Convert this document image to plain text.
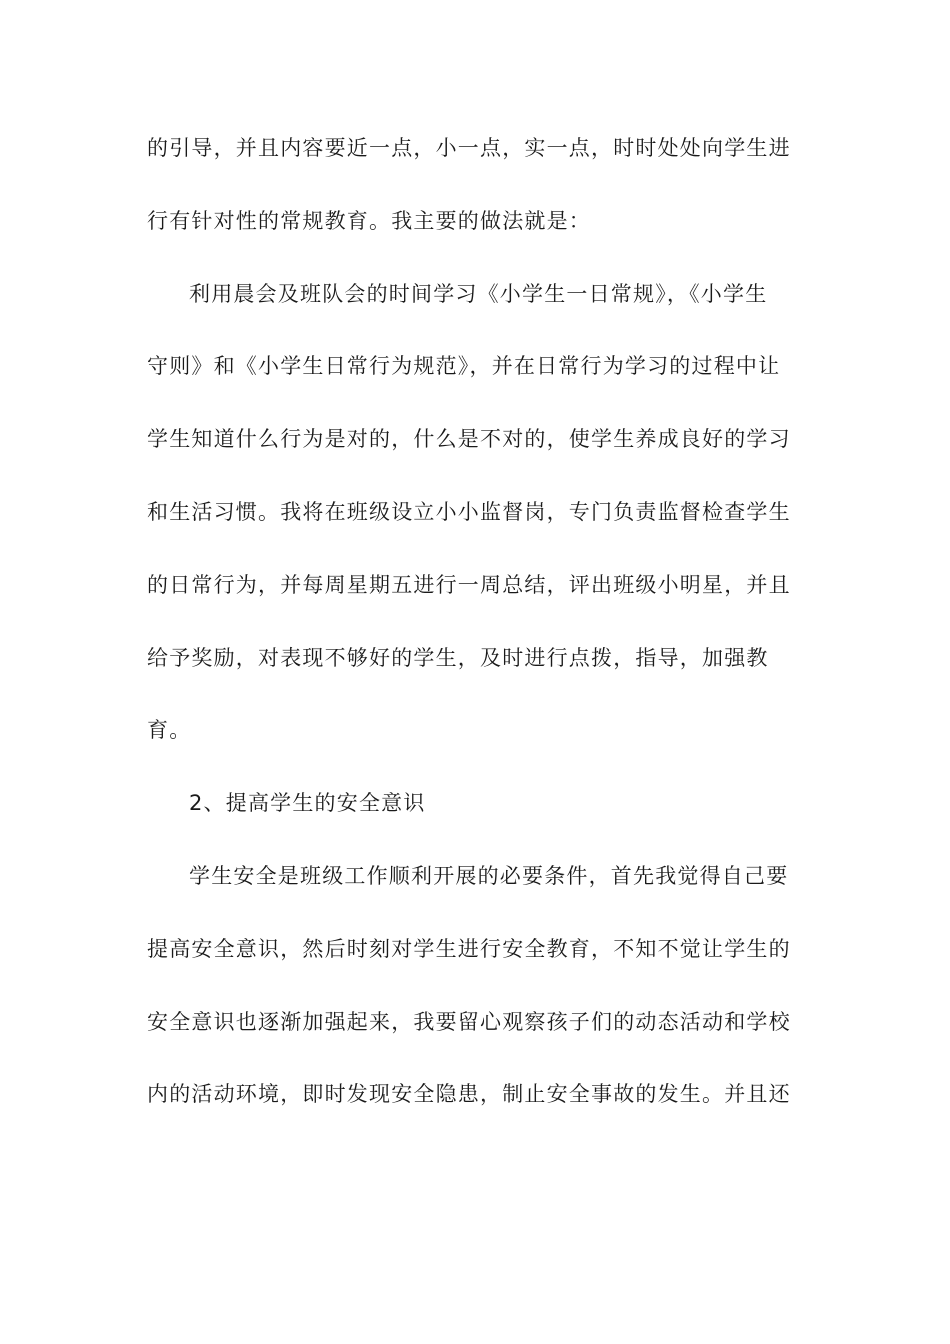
的引导，并且内容要近一点，小一点，实一点，时时处处向学生进
行有针对性的常规教育。我主要的做法就是：
利用晨会及班队会的时间学习《小学生一日常规》，《小学生
守则》和《小学生日常行为规范》，并在日常行为学习的过程中让
学生知道什么行为是对的，什么是不对的，使学生养成良好的学习
和生活习惯。我将在班级设立小小监督岗，专门负责监督检查学生
的日常行为，并每周星期五进行一周总结，评出班级小明星，并且
给予奖励，对表现不够好的学生，及时进行点拨，指导，加强教
育。
2、提高学生的安全意识
学生安全是班级工作顺利开展的必要条件，首先我觉得自己要
提高安全意识，然后时刻对学生进行安全教育，不知不觉让学生的
安全意识也逐渐加强起来，我要留心观察孩子们的动态活动和学校
内的活动环境，即时发现安全隐患，制止安全事故的发生。并且还
